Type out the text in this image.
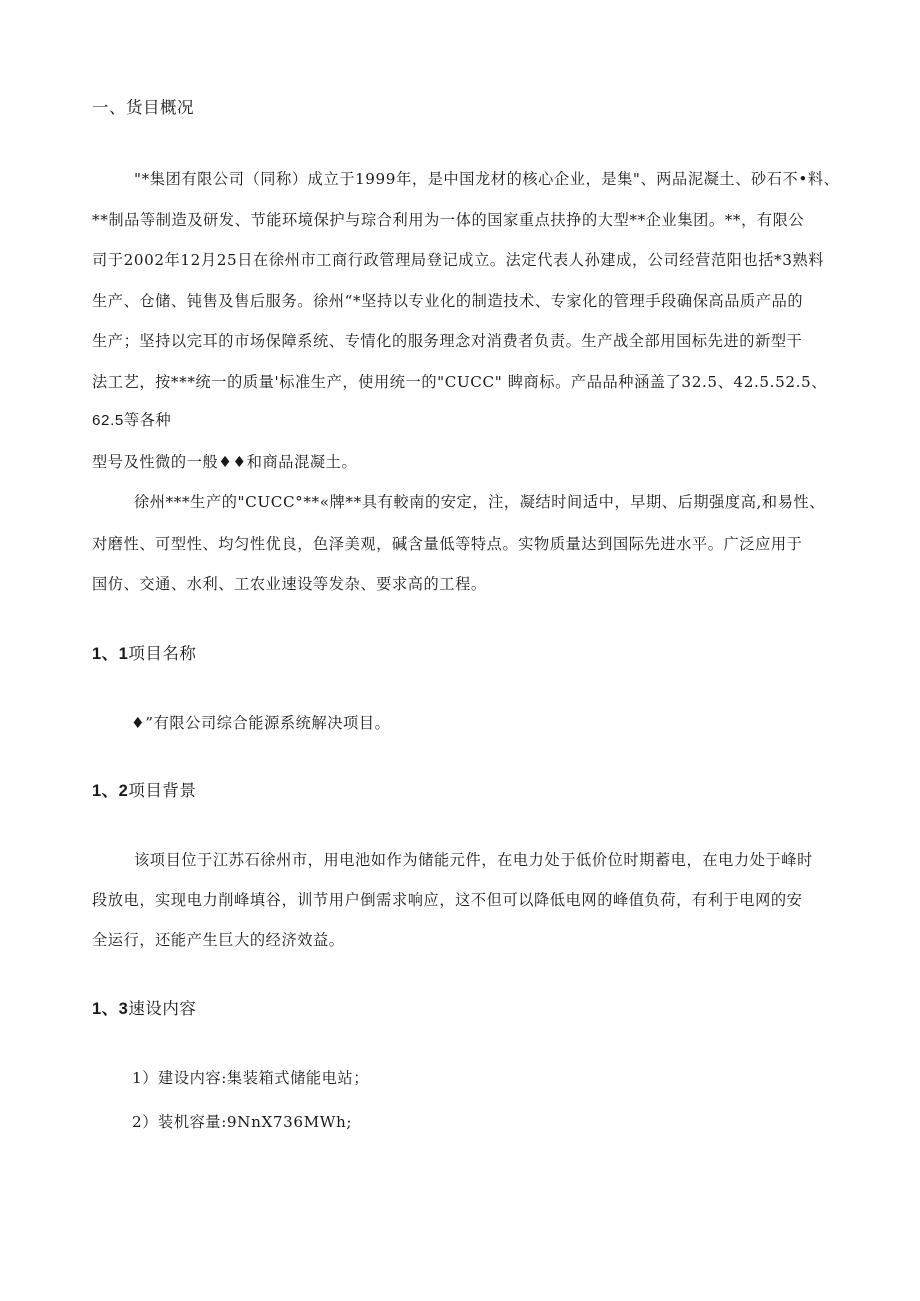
一、货目概况
"*集团有限公司（同称）成立于1999年，是中国龙材的核心企业，是集"、两品泥凝土、砂石不•料、
**制品等制造及研发、节能环境保护与琮合利用为一体的国家重点扶挣的大型**企业集团。**，有限公
司于2002年12月25日在徐州市工商行政管理局登记成立。法定代表人孙建成，公司经营范阳也括*3熟料
生产、仓储、钝售及售后服务。徐州“*坚持以专业化的制造技术、专家化的管理手段确保高品质产品的
生产；坚持以完耳的市场保障系统、专情化的服务理念对消费者负责。生产战全部用国标先进的新型干
法工艺，按***统一的质量'标准生产，使用统一的"CUCC" 睥商标。产品品种涵盖了32.5、42.5.52.5、
62.5等各种
型号及性微的一般♦♦和商品混凝土。
徐州***生产的"CUCC°**«牌**具有較南的安定，注，凝结时间适中，早期、后期强度高,和易性、
对磨性、可型性、均匀性优良，色泽美观，碱含量低等特点。实物质量达到国际先进水平。广泛应用于
国仿、交通、水利、工农业速设等发杂、要求高的工程。
1、1项目名称
♦”有限公司综合能源系统解决项目。
1、2项目背景
该项目位于江苏石徐州市，用电池如作为储能元件，在电力处于低价位时期蓄电，在电力处于峰时
段放电，实现电力削峰填谷，训节用户倒需求响应，这不但可以降低电网的峰值负荷，有利于电网的安
全运行，还能产生巨大的经济效益。
1、3速设内容
1）建设内容:集装箱式储能电站；
2）装机容量:9NnX736MWh;
